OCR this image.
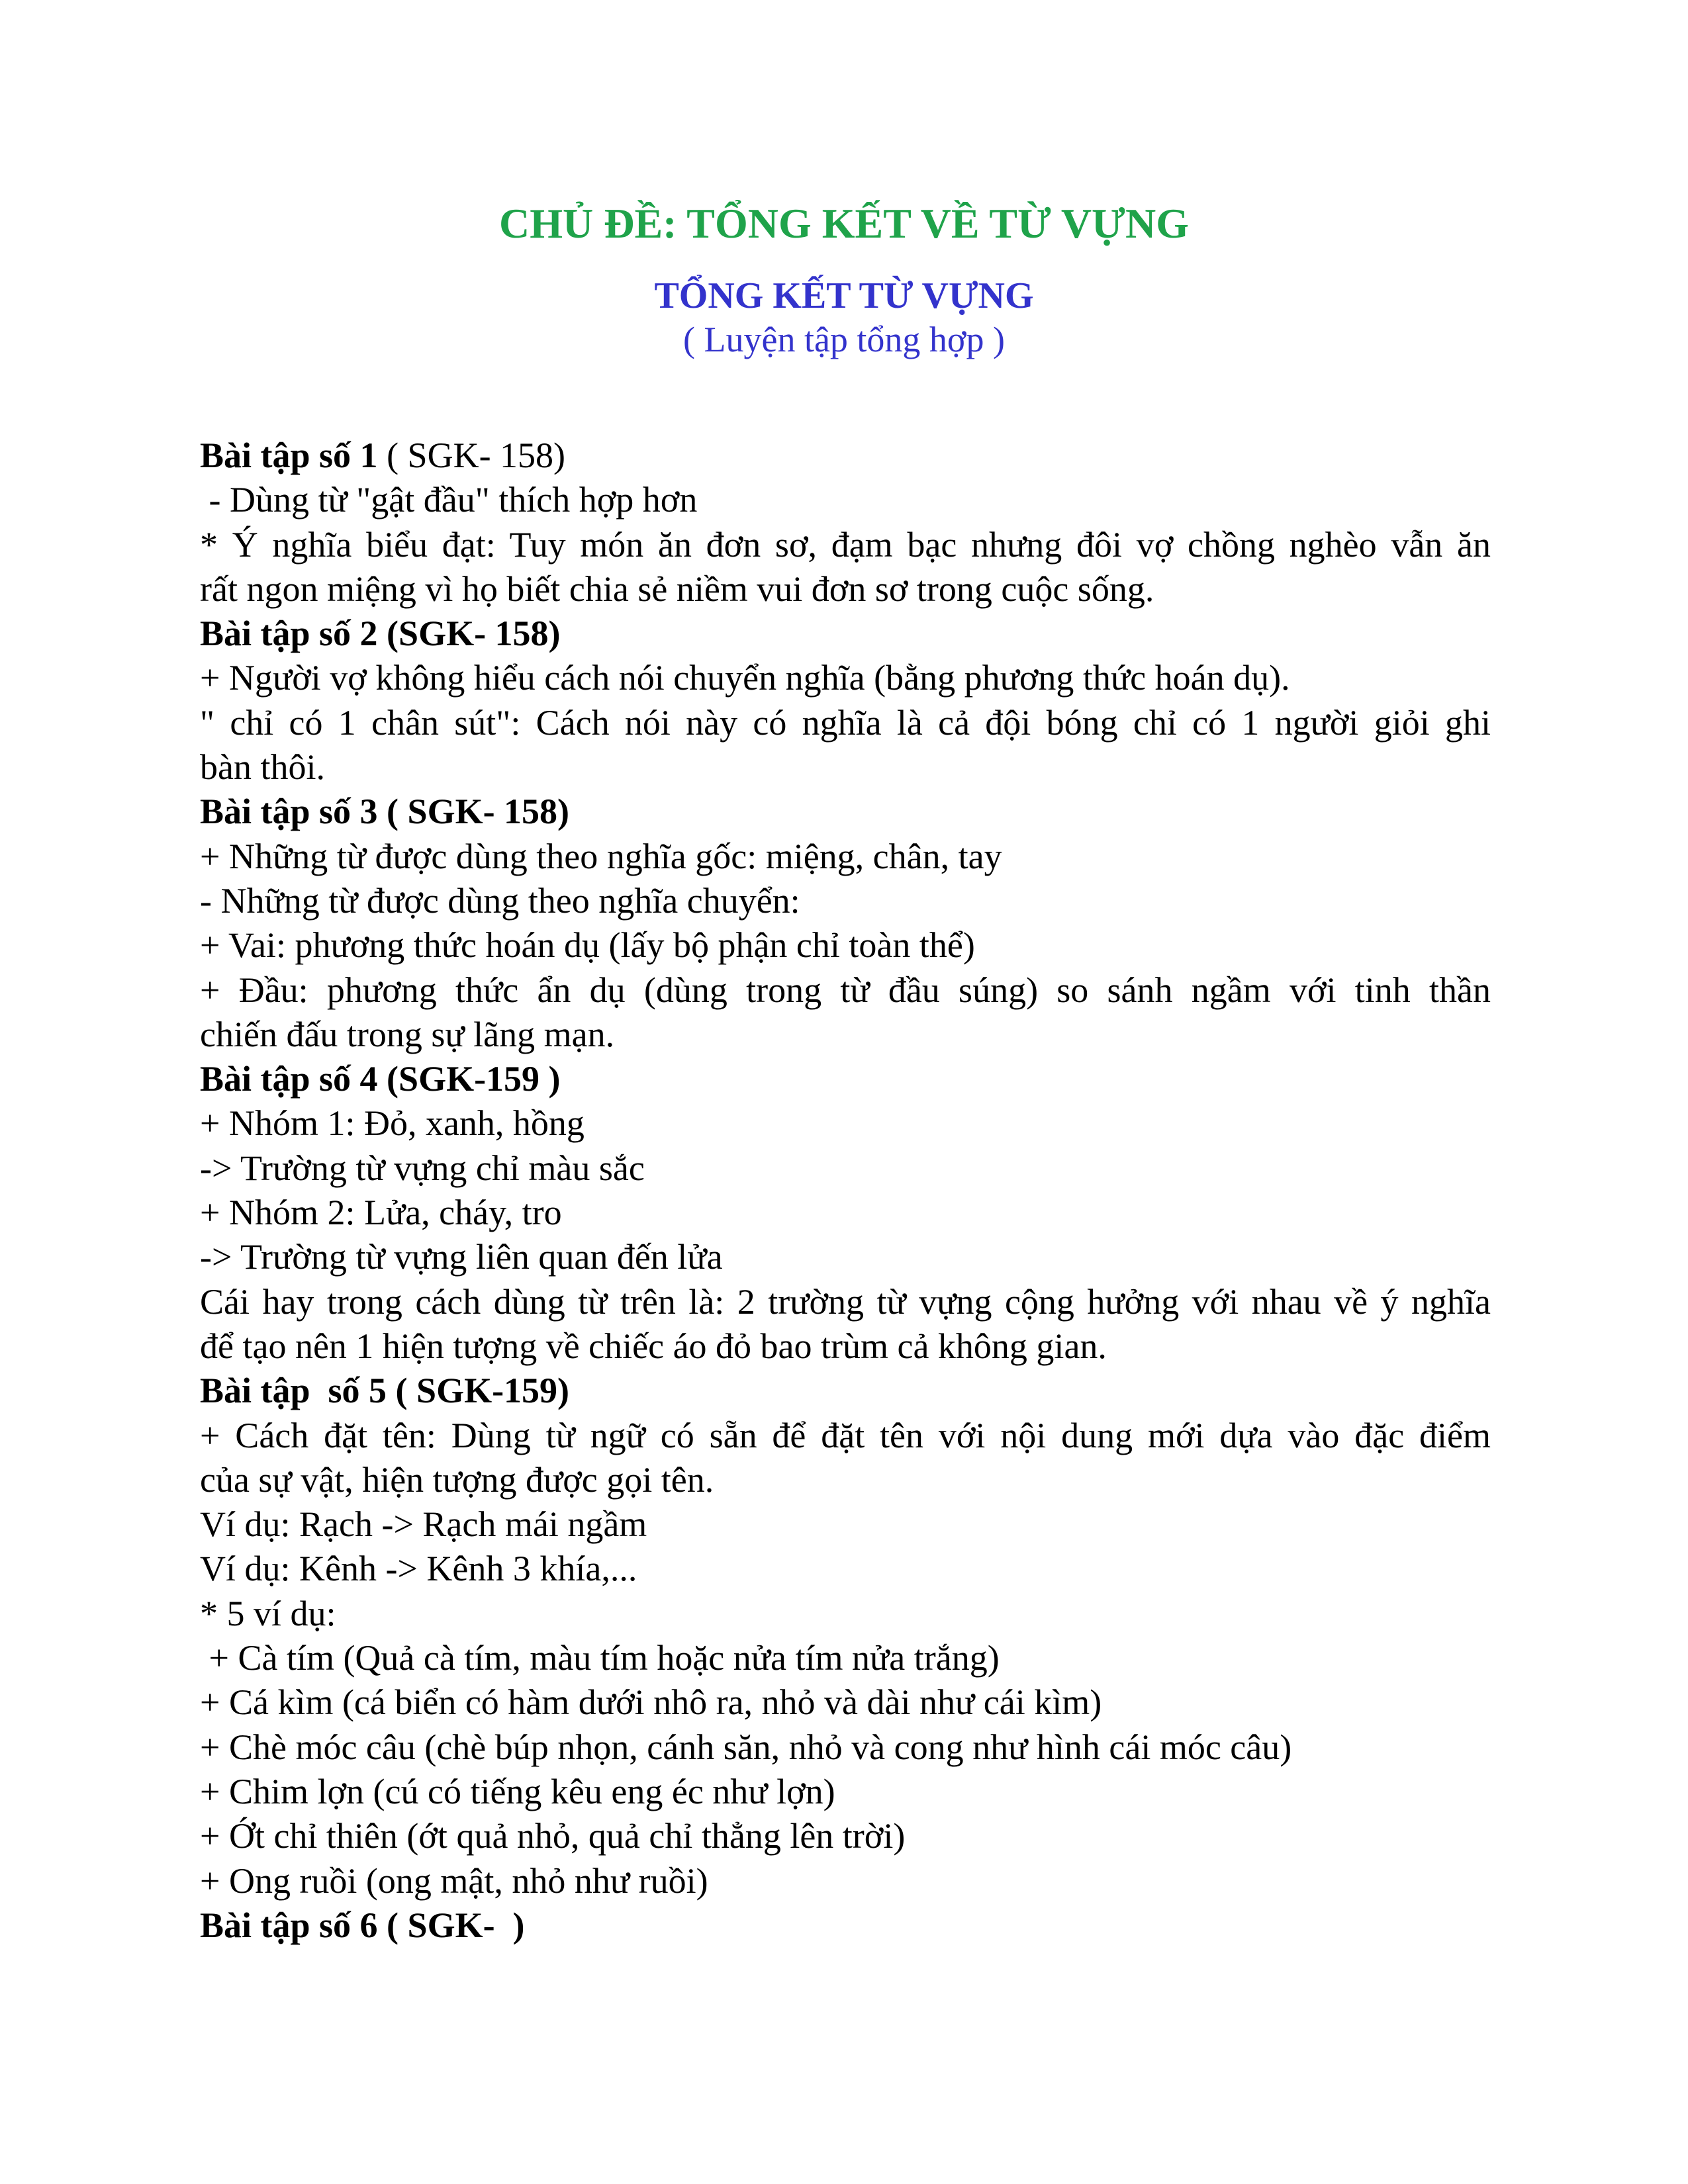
CHỦ ĐỀ: TỔNG KẾT VỀ TỪ VỰNG
TỔNG KẾT TỪ VỰNG
( Luyện tập tổng hợp )
Bài tập số 1 ( SGK- 158)
- Dùng từ "gật đầu" thích hợp hơn
* Ý nghĩa biểu đạt: Tuy món ăn đơn sơ, đạm bạc nhưng đôi vợ chồng nghèo vẫn ăn
rất ngon miệng vì họ biết chia sẻ niềm vui đơn sơ trong cuộc sống.
Bài tập số 2 (SGK- 158)
+ Người vợ không hiểu cách nói chuyển nghĩa (bằng phương thức hoán dụ).
" chỉ có 1 chân sút": Cách nói này có nghĩa là cả đội bóng chỉ có 1 người giỏi ghi
bàn thôi.
Bài tập số 3 ( SGK- 158)
+ Những từ được dùng theo nghĩa gốc: miệng, chân, tay
- Những từ được dùng theo nghĩa chuyển:
+ Vai: phương thức hoán dụ (lấy bộ phận chỉ toàn thể)
+ Đầu: phương thức ẩn dụ (dùng trong từ đầu súng) so sánh ngầm với tinh thần
chiến đấu trong sự lãng mạn.
Bài tập số 4 (SGK-159 )
+ Nhóm 1: Đỏ, xanh, hồng
-> Trường từ vựng chỉ màu sắc
+ Nhóm 2: Lửa, cháy, tro
-> Trường từ vựng liên quan đến lửa
Cái hay trong cách dùng từ trên là: 2 trường từ vựng cộng hưởng với nhau về ý nghĩa
để tạo nên 1 hiện tượng về chiếc áo đỏ bao trùm cả không gian.
Bài tập  số 5 ( SGK-159)
+ Cách đặt tên: Dùng từ ngữ có sẵn để đặt tên với nội dung mới dựa vào đặc điểm
của sự vật, hiện tượng được gọi tên.
Ví dụ: Rạch -> Rạch mái ngầm
Ví dụ: Kênh -> Kênh 3 khía,...
* 5 ví dụ:
+ Cà tím (Quả cà tím, màu tím hoặc nửa tím nửa trắng)
+ Cá kìm (cá biển có hàm dưới nhô ra, nhỏ và dài như cái kìm)
+ Chè móc câu (chè búp nhọn, cánh săn, nhỏ và cong như hình cái móc câu)
+ Chim lợn (cú có tiếng kêu eng éc như lợn)
+ Ớt chỉ thiên (ớt quả nhỏ, quả chỉ thẳng lên trời)
+ Ong ruồi (ong mật, nhỏ như ruồi)
Bài tập số 6 ( SGK-  )
